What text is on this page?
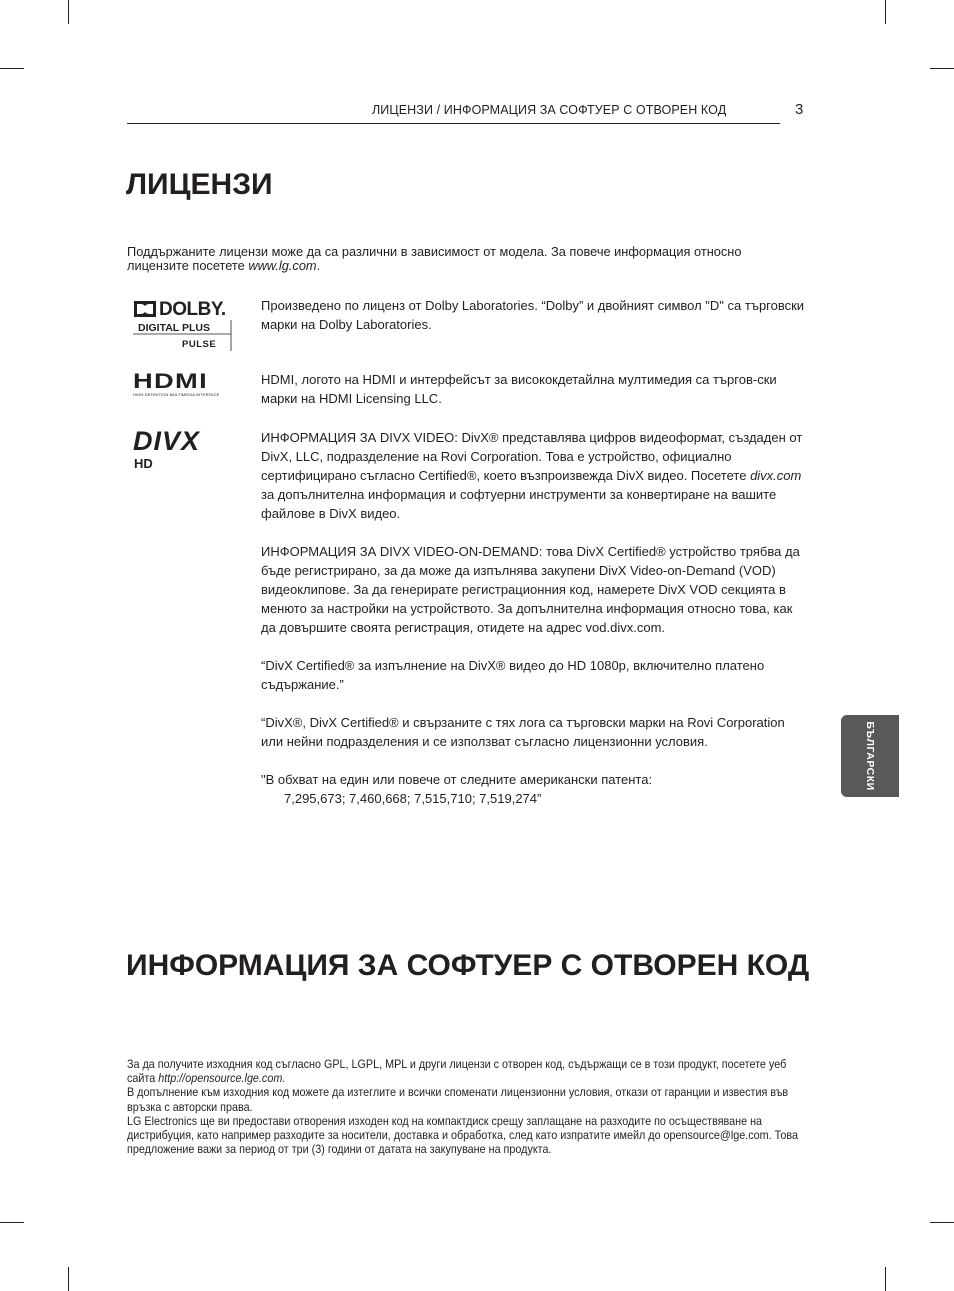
ЛИЦЕНЗИ / ИНФОРМАЦИЯ ЗА СОФТУЕР С ОТВОРЕН КОД	3
ЛИЦЕНЗИ
Поддържаните лицензи може да са различни в зависимост от модела. За повече информация относно лицензите посетете www.lg.com.
DOLBY.
DIGITAL PLUS
PULSE
Произведено по лиценз от Dolby Laboratories. “Dolby” и двойният символ "D" са търговски марки на Dolby Laboratories.
HDMI
HIGH-DEFINITION MULTIMEDIA INTERFACE
HDMI, логото на HDMI и интерфейсът за висококдетайлна мултимедия са търгов-ски марки на HDMI Licensing LLC.
DIVX
HD

ИНФОРМАЦИЯ ЗА DIVX VIDEO: DivX® представлява цифров видеоформат, създаден от DivX, LLC, подразделение на Rovi Corporation. Това е устройство, официално сертифицирано съгласно Certified®, което възпроизвежда DivX видео. Посетете divx.com за допълнителна информация и софтуерни инструменти за конвертиране на вашите файлове в DivX видео.

ИНФОРМАЦИЯ ЗА DIVX VIDEO-ON-DEMAND: това DivX Certified® устройство трябва да бъде регистрирано, за да може да изпълнява закупени DivX Video-on-Demand (VOD) видеоклипове. За да генерирате регистрационния код, намерете DivX VOD секцията в менюто за настройки на устройството. За допълнителна информация относно това, как да довършите своята регистрация, отидете на адрес vod.divx.com.

“DivX Certified® за изпълнение на DivX® видео до HD 1080p, включително платено съдържание.”

“DivX®, DivX Certified® и свързаните с тях лога са търговски марки на Rovi Corporation или нейни подразделения и се използват съгласно лицензионни условия.

"В обхват на един или повече от следните американски патента:

7,295,673; 7,460,668; 7,515,710; 7,519,274”

ИНФОРМАЦИЯ ЗА СОФТУЕР С ОТВОРЕН КОД

За да получите изходния код съгласно GPL, LGPL, MPL и други лицензи с отворен код, съдържащи се в този продукт, посетете уеб сайта http://opensource.lge.com.

В допълнение към изходния код можете да изтеглите и всички споменати лицензионни условия, откази от гаранции и известия във връзка с авторски права.

LG Electronics ще ви предостави отворения изходен код на компактдиск срещу заплащане на разходите по осъществяване на дистрибуция, като например разходите за носители, доставка и обработка, след като изпратите имейл до opensource@lge.com. Това предложение важи за период от три (3) години от датата на закупуване на продукта.

БЪЛГАРСКИ
